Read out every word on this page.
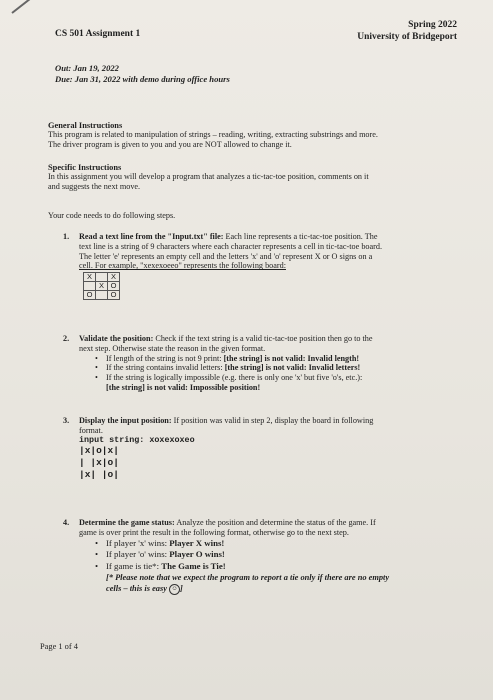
CS 501 Assignment 1
Spring 2022
University of Bridgeport
Out: Jan 19, 2022
Due: Jan 31, 2022 with demo during office hours
General Instructions
This program is related to manipulation of strings – reading, writing, extracting substrings and more.
The driver program is given to you and you are NOT allowed to change it.
Specific Instructions
In this assignment you will develop a program that analyzes a tic-tac-toe position, comments on it
and suggests the next move.
Your code needs to do following steps.
1. Read a text line from the "Input.txt" file: Each line represents a tic-tac-toe position. The
text line is a string of 9 characters where each character represents a cell in tic-tac-toe board.
The letter 'e' represents an empty cell and the letters 'x' and 'o' represent X or O signs on a
cell. For example, "xexexoeeo" represents the following board:
X		X
	X	O
O		O
2. Validate the position: Check if the text string is a valid tic-tac-toe position then go to the
next step. Otherwise state the reason in the given format.
• If length of the string is not 9 print: [the string] is not valid: Invalid length!
• If the string contains invalid letters: [the string] is not valid: Invalid letters!
• If the string is logically impossible (e.g. there is only one 'x' but five 'o's, etc.):
[the string] is not valid: Impossible position!
3. Display the input position: If position was valid in step 2, display the board in following
format.
input string: xoxexoxeo
|x|o|x|
| |x|o|
|x| |o|
4. Determine the game status: Analyze the position and determine the status of the game. If
game is over print the result in the following format, otherwise go to the next step.
• If player 'x' wins: Player X wins!
• If player 'o' wins: Player O wins!
• If game is tie*: The Game is Tie!
[* Please note that we expect the program to report a tie only if there are no empty
cells – this is easy ☺ ]
Page 1 of 4
